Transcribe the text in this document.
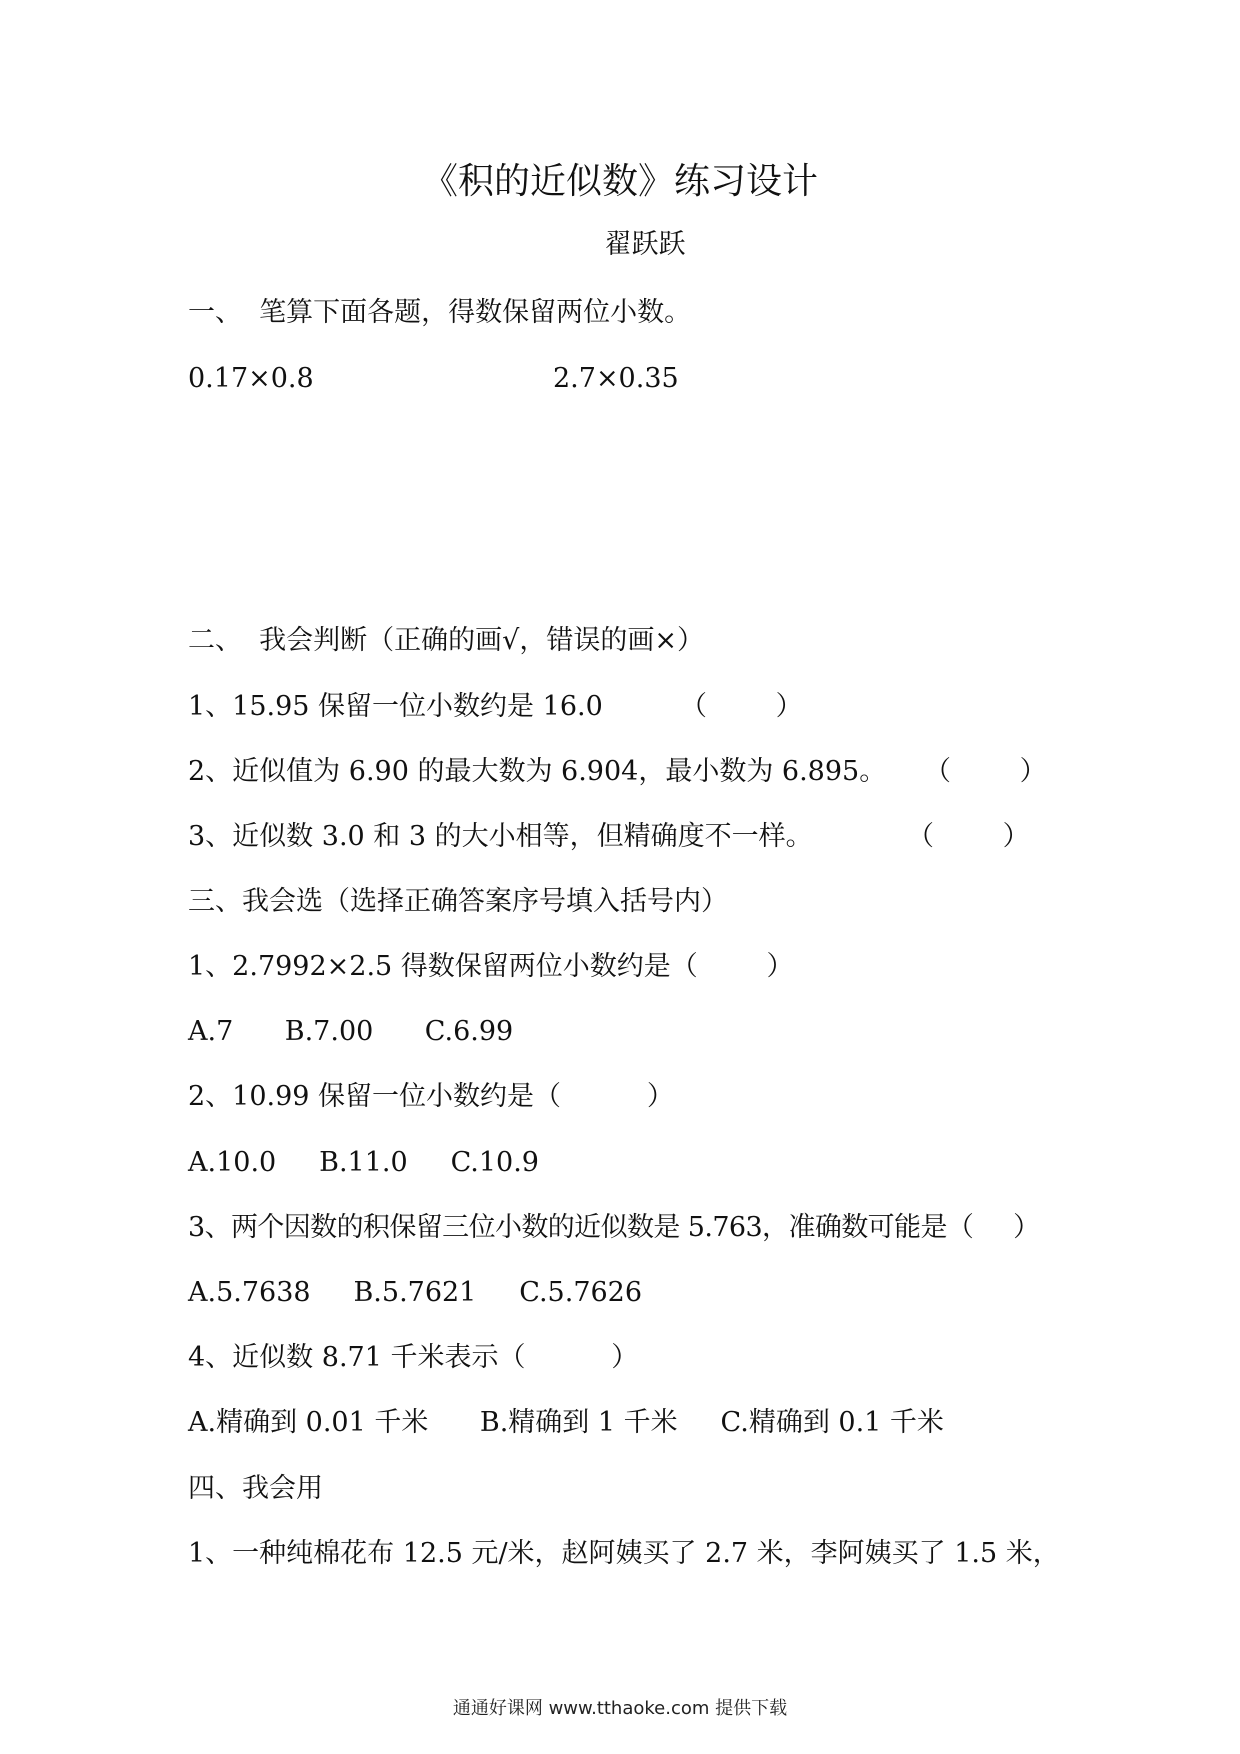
《积的近似数》练习设计
翟跃跃
一、  笔算下面各题，得数保留两位小数。
0.17×0.8	2.7×0.35
二、  我会判断（正确的画√，错误的画×）
1、15.95 保留一位小数约是 16.0	（        ）
2、近似值为 6.90 的最大数为 6.904，最小数为 6.895。 （        ）
3、近似数 3.0 和 3 的大小相等，但精确度不一样。	（        ）
三、我会选（选择正确答案序号填入括号内）
1、2.7992×2.5 得数保留两位小数约是（        ）
A.7      B.7.00      C.6.99
2、10.99 保留一位小数约是（          ）
A.10.0     B.11.0     C.10.9
3、两个因数的积保留三位小数的近似数是 5.763，准确数可能是（     ）
A.5.7638     B.5.7621     C.5.7626
4、近似数 8.71 千米表示（          ）
A.精确到 0.01 千米      B.精确到 1 千米     C.精确到 0.1 千米
四、我会用
1、一种纯棉花布 12.5 元/米，赵阿姨买了 2.7 米，李阿姨买了 1.5 米，
通通好课网 www.tthaoke.com 提供下载
